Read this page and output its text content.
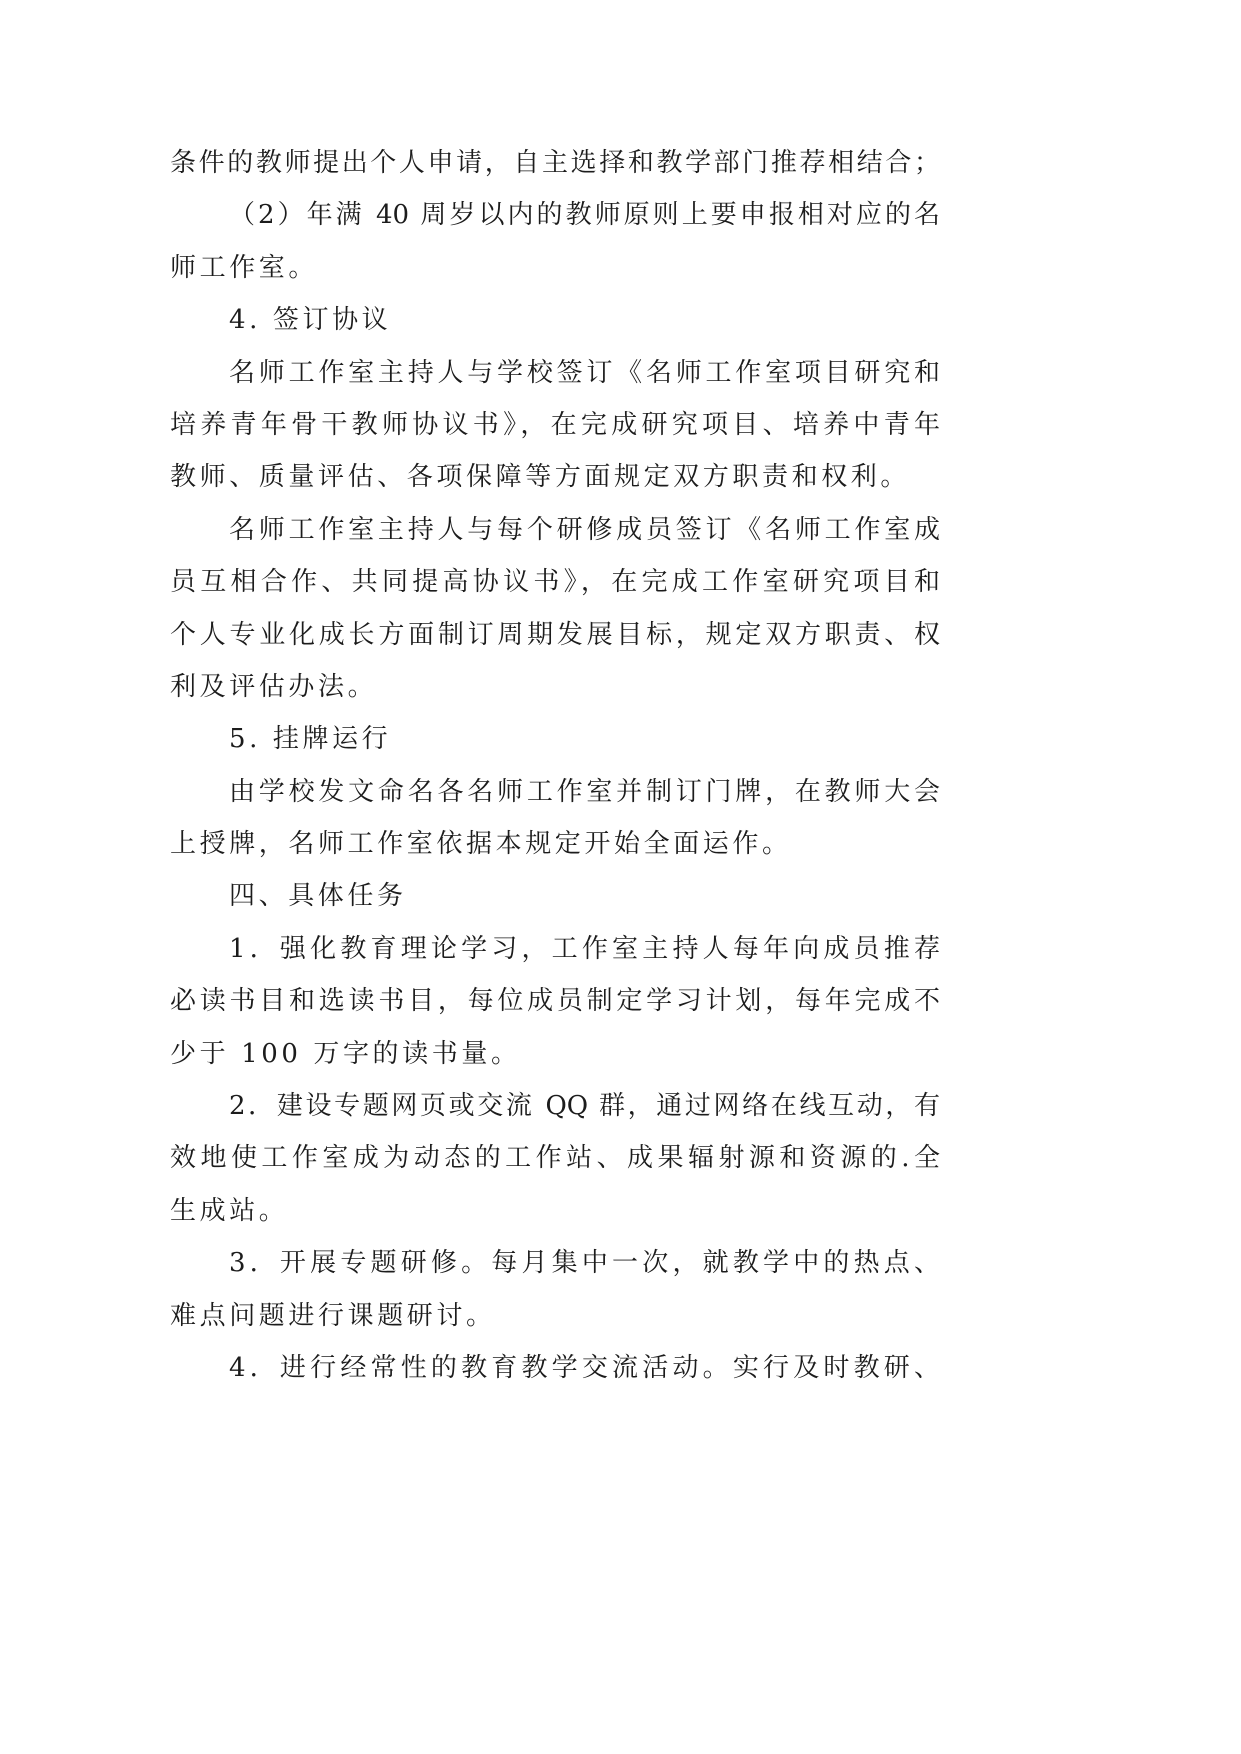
条件的教师提出个人申请，自主选择和教学部门推荐相结合；
（2）年满 40 周岁以内的教师原则上要申报相对应的名
师工作室。
4. 签订协议
名师工作室主持人与学校签订《名师工作室项目研究和
培养青年骨干教师协议书》，在完成研究项目、培养中青年
教师、质量评估、各项保障等方面规定双方职责和权利。
名师工作室主持人与每个研修成员签订《名师工作室成
员互相合作、共同提高协议书》，在完成工作室研究项目和
个人专业化成长方面制订周期发展目标，规定双方职责、权
利及评估办法。
5. 挂牌运行
由学校发文命名各名师工作室并制订门牌，在教师大会
上授牌，名师工作室依据本规定开始全面运作。
四、具体任务
1．强化教育理论学习，工作室主持人每年向成员推荐
必读书目和选读书目，每位成员制定学习计划，每年完成不
少于 100 万字的读书量。
2．建设专题网页或交流 QQ 群，通过网络在线互动，有
效地使工作室成为动态的工作站、成果辐射源和资源的.全
生成站。
3．开展专题研修。每月集中一次，就教学中的热点、
难点问题进行课题研讨。
4．进行经常性的教育教学交流活动。实行及时教研、
